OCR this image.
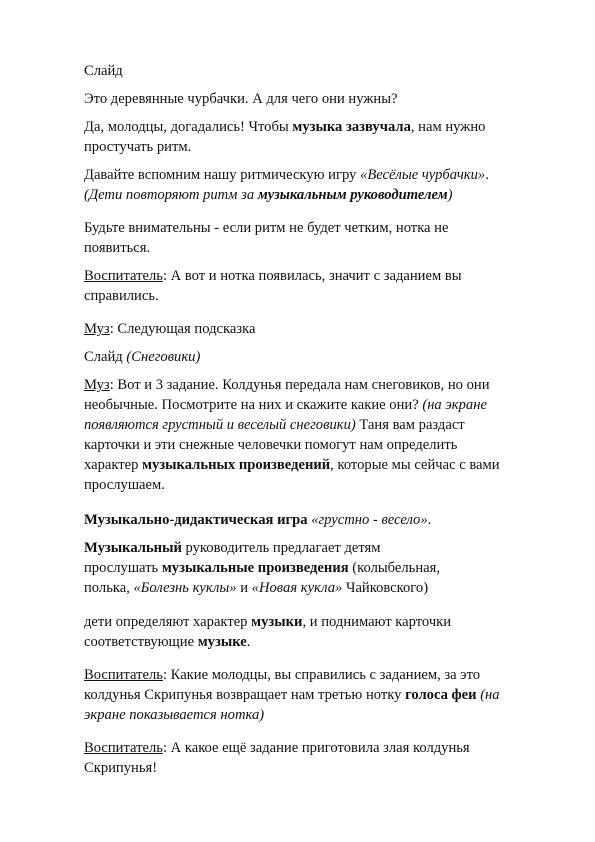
Слайд
Это деревянные чурбачки. А для чего они нужны?
Да, молодцы, догадались! Чтобы музыка зазвучала, нам нужно
простучать ритм.
Давайте вспомним нашу ритмическую игру «Весёлые чурбачки».
(Дети повторяют ритм за музыкальным руководителем)
Будьте внимательны - если ритм не будет четким, нотка не
появиться.
Воспитатель: А вот и нотка появилась, значит с заданием вы
справились.
Муз: Следующая подсказка
Слайд (Снеговики)
Муз: Вот и 3 задание. Колдунья передала нам снеговиков, но они
необычные. Посмотрите на них и скажите какие они? (на экране
появляются грустный и веселый снеговики) Таня вам раздаст
карточки и эти снежные человечки помогут нам определить
характер музыкальных произведений, которые мы сейчас с вами
прослушаем.
Музыкально-дидактическая игра «грустно - весело».
Музыкальный руководитель предлагает детям
прослушать музыкальные произведения (колыбельная,
полька, «Болезнь куклы» и «Новая кукла» Чайковского)
дети определяют характер музыки, и поднимают карточки
соответствующие музыке.
Воспитатель: Какие молодцы, вы справились с заданием, за это
колдунья Скрипунья возвращает нам третью нотку голоса феи (на
экране показывается нотка)
Воспитатель: А какое ещё задание приготовила злая колдунья
Скрипунья!
